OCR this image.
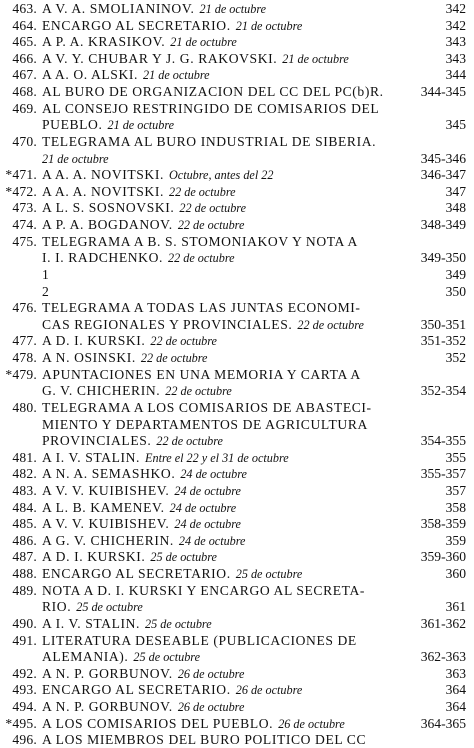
463. A V. A. SMOLIANINOV. 21 de octubre	342
464. ENCARGO AL SECRETARIO. 21 de octubre	342
465. A P. A. KRASIKOV. 21 de octubre	343
466. A V. Y. CHUBAR Y J. G. RAKOVSKI. 21 de octubre	343
467. A A. O. ALSKI. 21 de octubre	344
468. AL BURO DE ORGANIZACION DEL CC DEL PC(b)R.	344-345
469. AL CONSEJO RESTRINGIDO DE COMISARIOS DEL
PUEBLO. 21 de octubre	345
470. TELEGRAMA AL BURO INDUSTRIAL DE SIBERIA.
21 de octubre	345-346
*471. A A. A. NOVITSKI. Octubre, antes del 22	346-347
*472. A A. A. NOVITSKI. 22 de octubre	347
473. A L. S. SOSNOVSKI. 22 de octubre	348
474. A P. A. BOGDANOV. 22 de octubre	348-349
475. TELEGRAMA A B. S. STOMONIAKOV Y NOTA A
I. I. RADCHENKO. 22 de octubre	349-350
1	349
2	350
476. TELEGRAMA A TODAS LAS JUNTAS ECONOMI-
CAS REGIONALES Y PROVINCIALES. 22 de octubre	350-351
477. A D. I. KURSKI. 22 de octubre	351-352
478. A N. OSINSKI. 22 de octubre	352
*479. APUNTACIONES EN UNA MEMORIA Y CARTA A
G. V. CHICHERIN. 22 de octubre	352-354
480. TELEGRAMA A LOS COMISARIOS DE ABASTECI-
MIENTO Y DEPARTAMENTOS DE AGRICULTURA
PROVINCIALES. 22 de octubre	354-355
481. A I. V. STALIN. Entre el 22 y el 31 de octubre	355
482. A N. A. SEMASHKO. 24 de octubre	355-357
483. A V. V. KUIBISHEV. 24 de octubre	357
484. A L. B. KAMENEV. 24 de octubre	358
485. A V. V. KUIBISHEV. 24 de octubre	358-359
486. A G. V. CHICHERIN. 24 de octubre	359
487. A D. I. KURSKI. 25 de octubre	359-360
488. ENCARGO AL SECRETARIO. 25 de octubre	360
489. NOTA A D. I. KURSKI Y ENCARGO AL SECRETA-
RIO. 25 de octubre	361
490. A I. V. STALIN. 25 de octubre	361-362
491. LITERATURA DESEABLE (PUBLICACIONES DE
ALEMANIA). 25 de octubre	362-363
492. A N. P. GORBUNOV. 26 de octubre	363
493. ENCARGO AL SECRETARIO. 26 de octubre	364
494. A N. P. GORBUNOV. 26 de octubre	364
*495. A LOS COMISARIOS DEL PUEBLO. 26 de octubre	364-365
496. A LOS MIEMBROS DEL BURO POLITICO DEL CC
